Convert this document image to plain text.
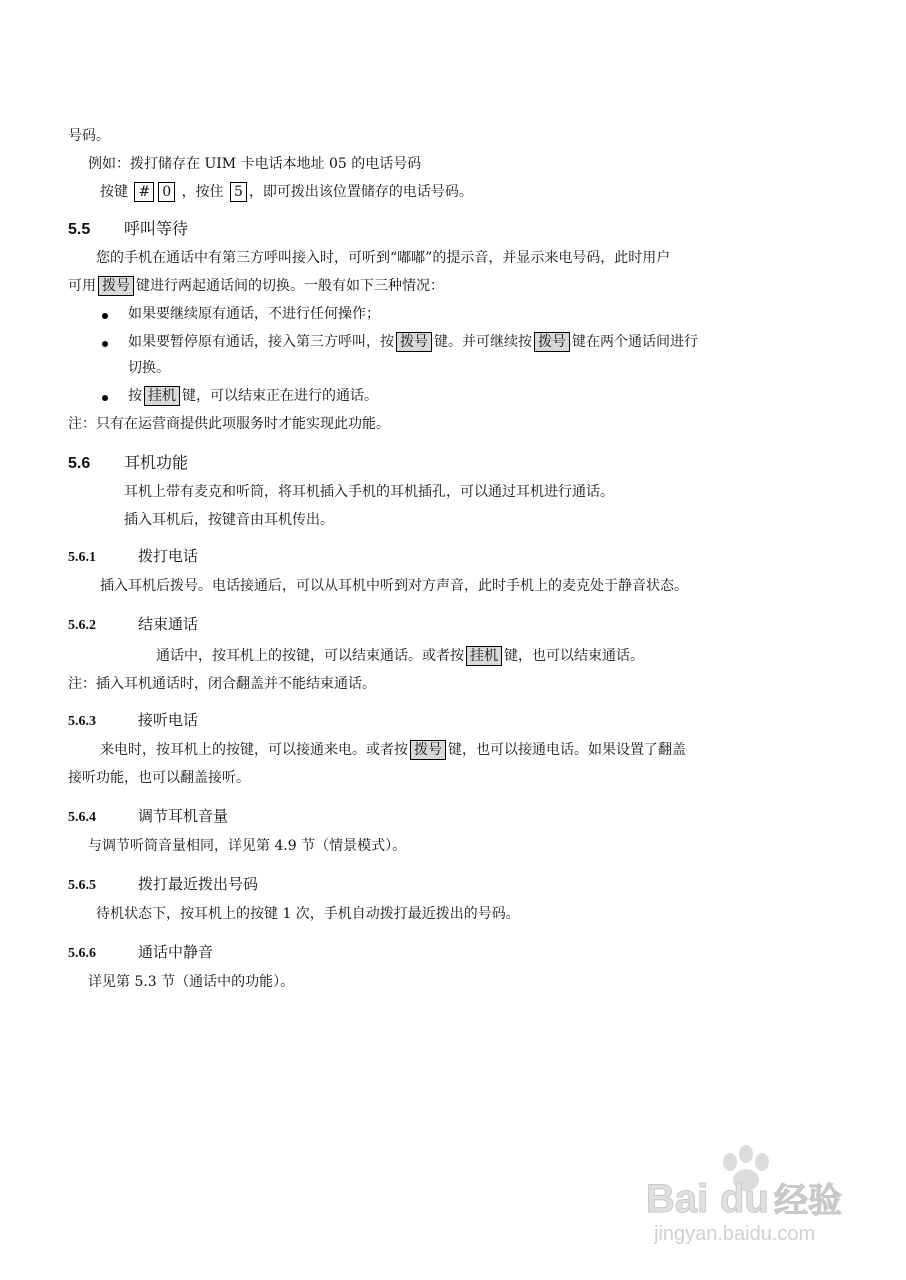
号码。
例如：拨打储存在 UIM 卡电话本地址 05 的电话号码
按键 # 0 ，按住 5 ，即可拨出该位置储存的电话号码。
5.5 呼叫等待
您的手机在通话中有第三方呼叫接入时，可听到“嘟嘟”的提示音，并显示来电号码，此时用户
可用 拨号 键进行两起通话间的切换。一般有如下三种情况：
如果要继续原有通话，不进行任何操作；
如果要暂停原有通话，接入第三方呼叫，按 拨号 键。并可继续按 拨号 键在两个通话间进行
切换。
按 挂机 键，可以结束正在进行的通话。
注：只有在运营商提供此项服务时才能实现此功能。
5.6 耳机功能
耳机上带有麦克和听筒，将耳机插入手机的耳机插孔，可以通过耳机进行通话。
插入耳机后，按键音由耳机传出。
5.6.1	拨打电话
插入耳机后拨号。电话接通后，可以从耳机中听到对方声音，此时手机上的麦克处于静音状态。
5.6.2	结束通话
通话中，按耳机上的按键，可以结束通话。或者按 挂机 键，也可以结束通话。
注：插入耳机通话时，闭合翻盖并不能结束通话。
5.6.3	接听电话
来电时，按耳机上的按键，可以接通来电。或者按 拨号 键，也可以接通电话。如果设置了翻盖
接听功能，也可以翻盖接听。
5.6.4	调节耳机音量
与调节听筒音量相同，详见第 4.9 节（情景模式）。
5.6.5	拨打最近拨出号码
待机状态下，按耳机上的按键 1 次，手机自动拨打最近拨出的号码。
5.6.6	通话中静音
详见第 5.3 节（通话中的功能）。
Bai du 经验
jingyan.baidu.com
